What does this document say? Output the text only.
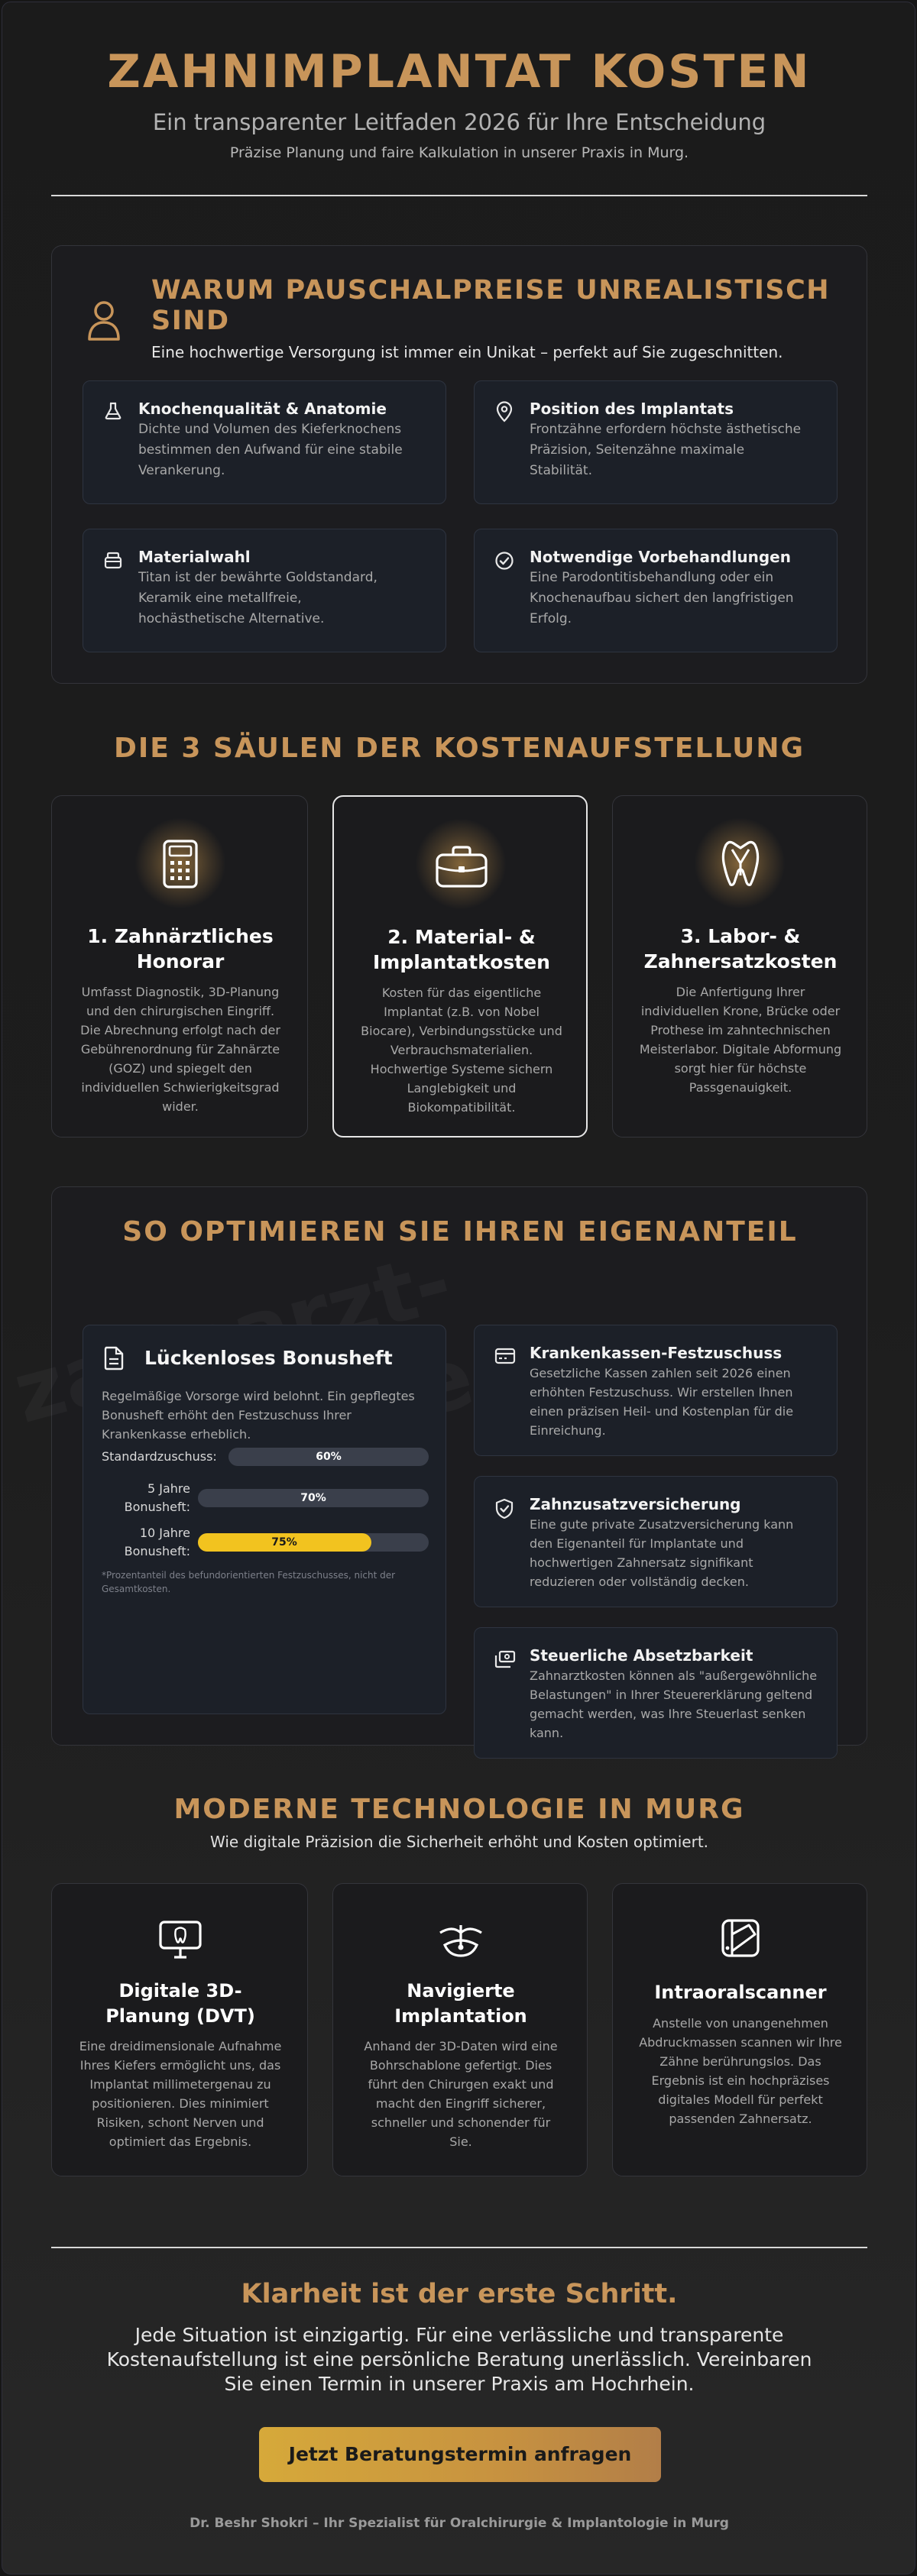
ZAHNIMPLANTAT KOSTEN
Ein transparenter Leitfaden 2026 für Ihre Entscheidung
Präzise Planung und faire Kalkulation in unserer Praxis in Murg.
WARUM PAUSCHALPREISE UNREALISTISCH
SIND
Eine hochwertige Versorgung ist immer ein Unikat – perfekt auf Sie zugeschnitten.
Knochenqualität & Anatomie
Dichte und Volumen des Kieferknochens
bestimmen den Aufwand für eine stabile
Verankerung.
Position des Implantats
Frontzähne erfordern höchste ästhetische
Präzision, Seitenzähne maximale
Stabilität.
Materialwahl
Titan ist der bewährte Goldstandard,
Keramik eine metallfreie,
hochästhetische Alternative.
Notwendige Vorbehandlungen
Eine Parodontitisbehandlung oder ein
Knochenaufbau sichert den langfristigen
Erfolg.
DIE 3 SÄULEN DER KOSTENAUFSTELLUNG
1. Zahnärztliches
Honorar
Umfasst Diagnostik, 3D-Planung
und den chirurgischen Eingriff.
Die Abrechnung erfolgt nach der
Gebührenordnung für Zahnärzte
(GOZ) und spiegelt den
individuellen Schwierigkeitsgrad
wider.
2. Material- &
Implantatkosten
Kosten für das eigentliche
Implantat (z.B. von Nobel
Biocare), Verbindungsstücke und
Verbrauchsmaterialien.
Hochwertige Systeme sichern
Langlebigkeit und
Biokompatibilität.
3. Labor- &
Zahnersatzkosten
Die Anfertigung Ihrer
individuellen Krone, Brücke oder
Prothese im zahntechnischen
Meisterlabor. Digitale Abformung
sorgt hier für höchste
Passgenauigkeit.
SO OPTIMIEREN SIE IHREN EIGENANTEIL
Lückenloses Bonusheft
Regelmäßige Vorsorge wird belohnt. Ein gepflegtes
Bonusheft erhöht den Festzuschuss Ihrer
Krankenkasse erheblich.
Standardzuschuss:	60%
5 Jahre
Bonusheft:
70%
10 Jahre
Bonusheft:
75%
*Prozentanteil des befundorientierten Festzuschusses, nicht der
Gesamtkosten.
Krankenkassen-Festzuschuss
Gesetzliche Kassen zahlen seit 2026 einen
erhöhten Festzuschuss. Wir erstellen Ihnen
einen präzisen Heil- und Kostenplan für die
Einreichung.
Zahnzusatzversicherung
Eine gute private Zusatzversicherung kann
den Eigenanteil für Implantate und
hochwertigen Zahnersatz signifikant
reduzieren oder vollständig decken.
Steuerliche Absetzbarkeit
Zahnarztkosten können als "außergewöhnliche
Belastungen" in Ihrer Steuererklärung geltend
gemacht werden, was Ihre Steuerlast senken
kann.
MODERNE TECHNOLOGIE IN MURG
Wie digitale Präzision die Sicherheit erhöht und Kosten optimiert.
Digitale 3D-
Planung (DVT)
Eine dreidimensionale Aufnahme
Ihres Kiefers ermöglicht uns, das
Implantat millimetergenau zu
positionieren. Dies minimiert
Risiken, schont Nerven und
optimiert das Ergebnis.
Navigierte
Implantation
Anhand der 3D-Daten wird eine
Bohrschablone gefertigt. Dies
führt den Chirurgen exakt und
macht den Eingriff sicherer,
schneller und schonender für
Sie.
Intraoralscanner
Anstelle von unangenehmen
Abdruckmassen scannen wir Ihre
Zähne berührungslos. Das
Ergebnis ist ein hochpräzises
digitales Modell für perfekt
passenden Zahnersatz.
Klarheit ist der erste Schritt.
Jede Situation ist einzigartig. Für eine verlässliche und transparente
Kostenaufstellung ist eine persönliche Beratung unerlässlich. Vereinbaren
Sie einen Termin in unserer Praxis am Hochrhein.
Jetzt Beratungstermin anfragen
Dr. Beshr Shokri – Ihr Spezialist für Oralchirurgie & Implantologie in Murg
